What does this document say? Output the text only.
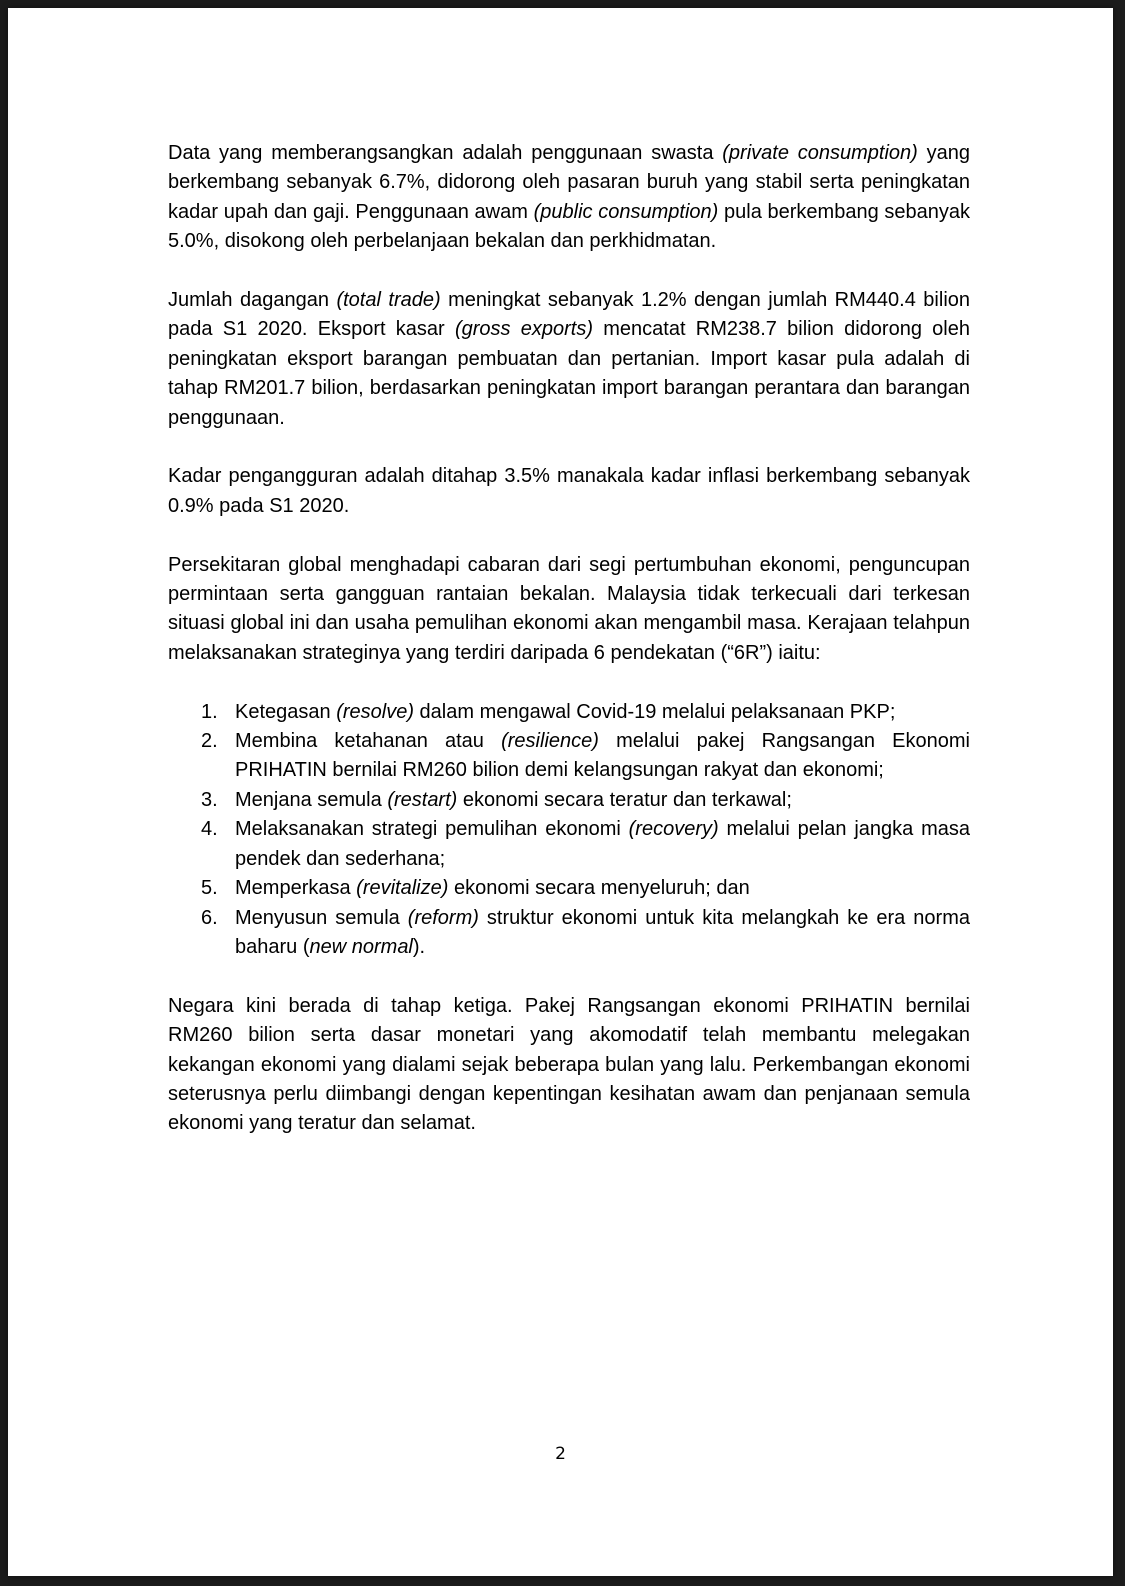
Data yang memberangsangkan adalah penggunaan swasta (private consumption) yang berkembang sebanyak 6.7%, didorong oleh pasaran buruh yang stabil serta peningkatan kadar upah dan gaji. Penggunaan awam (public consumption) pula berkembang sebanyak 5.0%, disokong oleh perbelanjaan bekalan dan perkhidmatan.

Jumlah dagangan (total trade) meningkat sebanyak 1.2% dengan jumlah RM440.4 bilion pada S1 2020. Eksport kasar (gross exports) mencatat RM238.7 bilion didorong oleh peningkatan eksport barangan pembuatan dan pertanian. Import kasar pula adalah di tahap RM201.7 bilion, berdasarkan peningkatan import barangan perantara dan barangan penggunaan.

Kadar pengangguran adalah ditahap 3.5% manakala kadar inflasi berkembang sebanyak 0.9% pada S1 2020.

Persekitaran global menghadapi cabaran dari segi pertumbuhan ekonomi, penguncupan permintaan serta gangguan rantaian bekalan. Malaysia tidak terkecuali dari terkesan situasi global ini dan usaha pemulihan ekonomi akan mengambil masa. Kerajaan telahpun melaksanakan strateginya yang terdiri daripada 6 pendekatan (“6R”) iaitu:

1. Ketegasan (resolve) dalam mengawal Covid-19 melalui pelaksanaan PKP;
2. Membina ketahanan atau (resilience) melalui pakej Rangsangan Ekonomi PRIHATIN bernilai RM260 bilion demi kelangsungan rakyat dan ekonomi;
3. Menjana semula (restart) ekonomi secara teratur dan terkawal;
4. Melaksanakan strategi pemulihan ekonomi (recovery) melalui pelan jangka masa pendek dan sederhana;
5. Memperkasa (revitalize) ekonomi secara menyeluruh; dan
6. Menyusun semula (reform) struktur ekonomi untuk kita melangkah ke era norma baharu (new normal).

Negara kini berada di tahap ketiga. Pakej Rangsangan ekonomi PRIHATIN bernilai RM260 bilion serta dasar monetari yang akomodatif telah membantu melegakan kekangan ekonomi yang dialami sejak beberapa bulan yang lalu. Perkembangan ekonomi seterusnya perlu diimbangi dengan kepentingan kesihatan awam dan penjanaan semula ekonomi yang teratur dan selamat.

2
